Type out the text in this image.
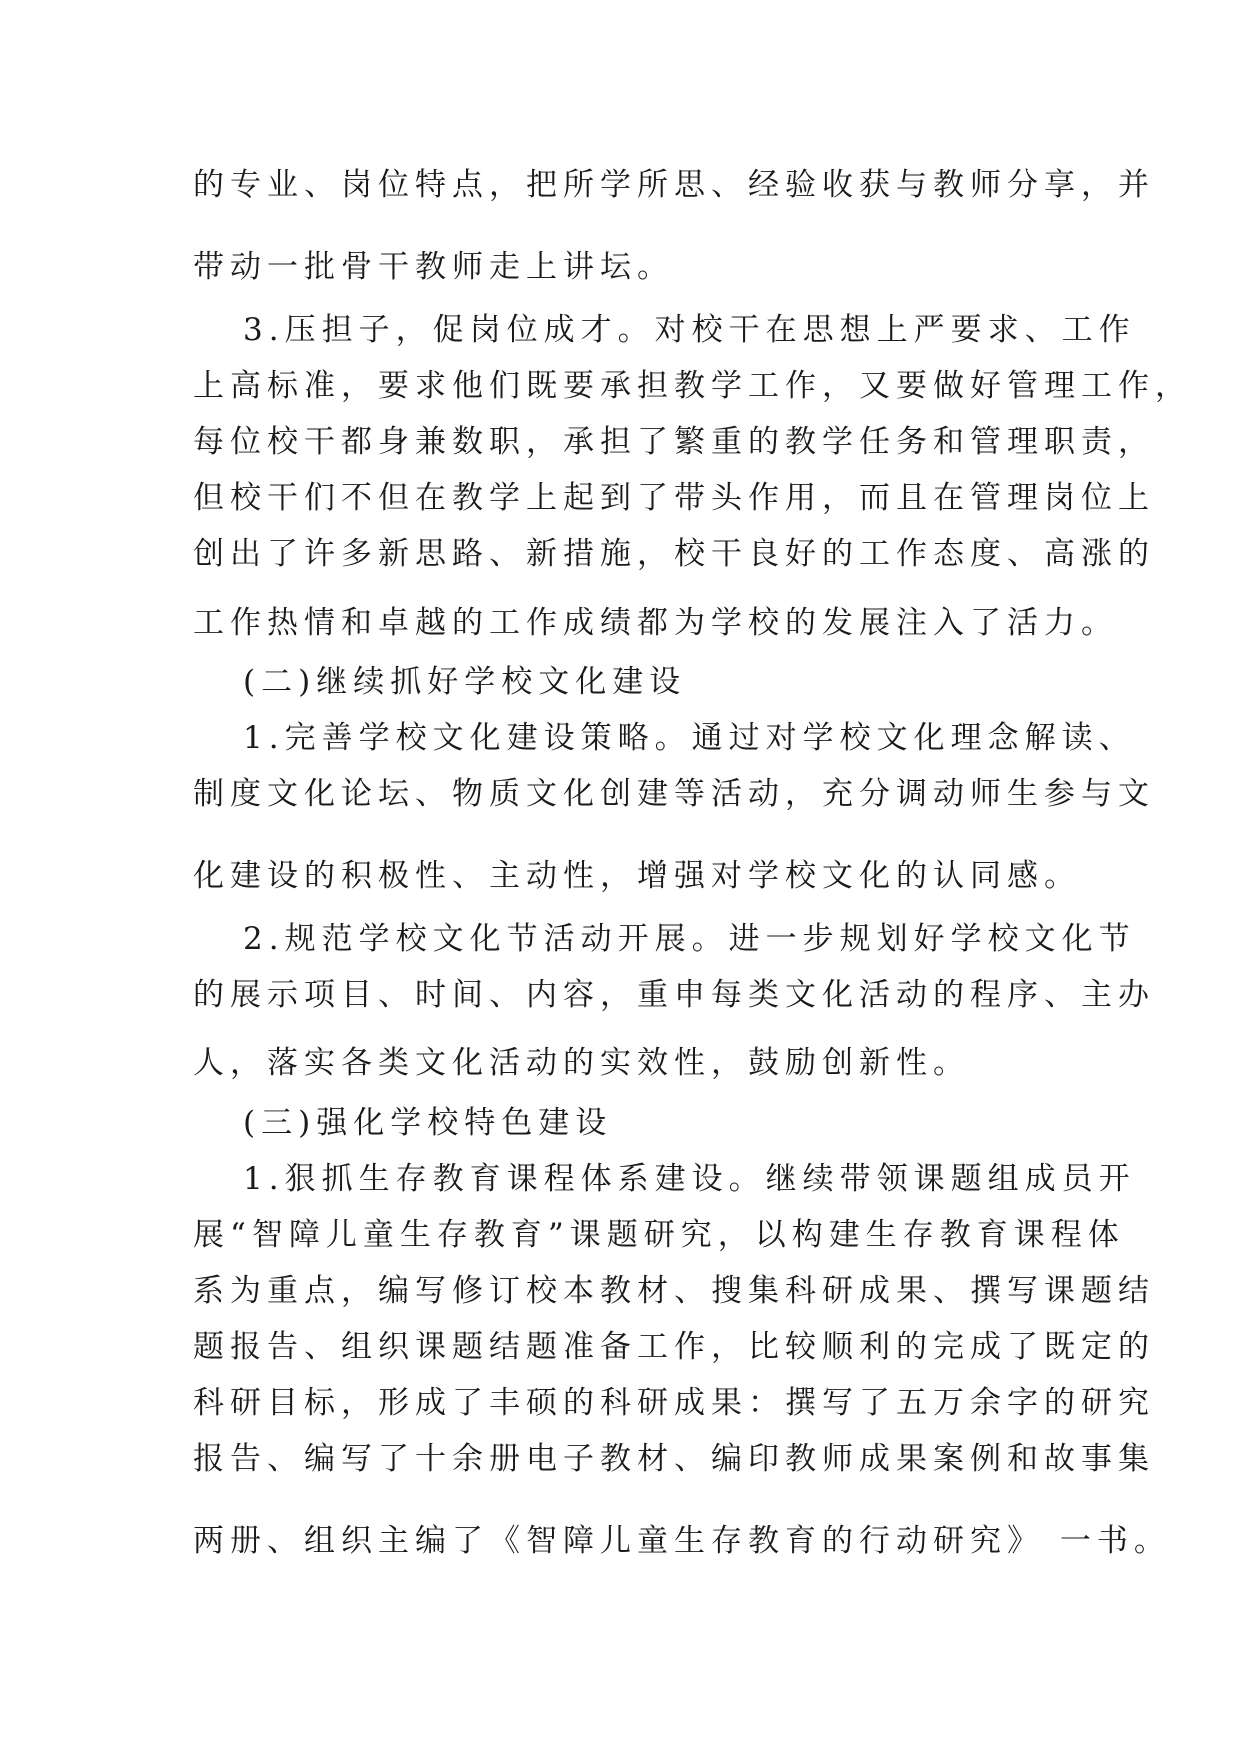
的专业、岗位特点，把所学所思、经验收获与教师分享，并
带动一批骨干教师走上讲坛。
3.压担子，促岗位成才。对校干在思想上严要求、工作
上高标准，要求他们既要承担教学工作，又要做好管理工作，
每位校干都身兼数职，承担了繁重的教学任务和管理职责，
但校干们不但在教学上起到了带头作用，而且在管理岗位上
创出了许多新思路、新措施，校干良好的工作态度、高涨的
工作热情和卓越的工作成绩都为学校的发展注入了活力。
(二)继续抓好学校文化建设
1.完善学校文化建设策略。通过对学校文化理念解读、
制度文化论坛、物质文化创建等活动，充分调动师生参与文
化建设的积极性、主动性，增强对学校文化的认同感。
2.规范学校文化节活动开展。进一步规划好学校文化节
的展示项目、时间、内容，重申每类文化活动的程序、主办
人，落实各类文化活动的实效性，鼓励创新性。
(三)强化学校特色建设
1.狠抓生存教育课程体系建设。继续带领课题组成员开
展“智障儿童生存教育”课题研究，以构建生存教育课程体
系为重点，编写修订校本教材、搜集科研成果、撰写课题结
题报告、组织课题结题准备工作，比较顺利的完成了既定的
科研目标，形成了丰硕的科研成果：撰写了五万余字的研究
报告、编写了十余册电子教材、编印教师成果案例和故事集
两册、组织主编了《智障儿童生存教育的行动研究》 一书。
